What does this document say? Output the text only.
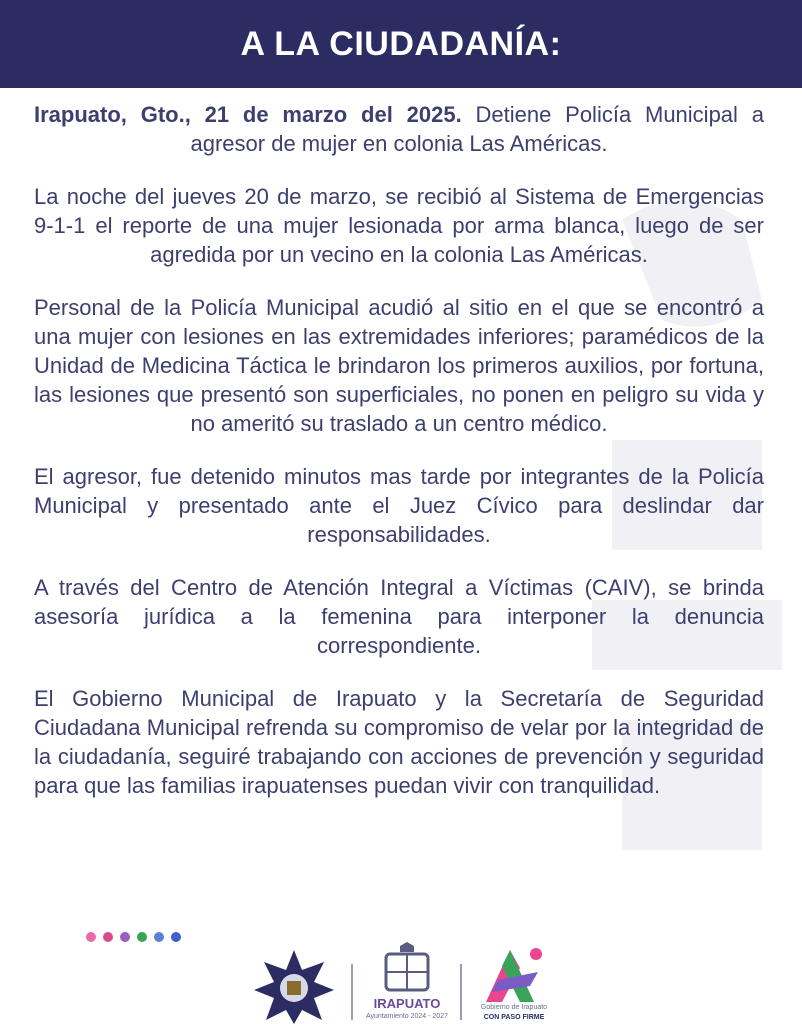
A LA CIUDADANÍA:

Irapuato, Gto., 21 de marzo del 2025. Detiene Policía Municipal a agresor de mujer en colonia Las Américas.

La noche del jueves 20 de marzo, se recibió al Sistema de Emergencias 9-1-1 el reporte de una mujer lesionada por arma blanca, luego de ser agredida por un vecino en la colonia Las Américas.

Personal de la Policía Municipal acudió al sitio en el que se encontró a una mujer con lesiones en las extremidades inferiores; paramédicos de la Unidad de Medicina Táctica le brindaron los primeros auxilios, por fortuna, las lesiones que presentó son superficiales, no ponen en peligro su vida y no ameritó su traslado a un centro médico.

El agresor, fue detenido minutos mas tarde por integrantes de la Policía Municipal y presentado ante el Juez Cívico para deslindar dar responsabilidades.

A través del Centro de Atención Integral a Víctimas (CAIV), se brinda asesoría jurídica a la femenina para interponer la denuncia correspondiente.

El Gobierno Municipal de Irapuato y la Secretaría de Seguridad Ciudadana Municipal refrenda su compromiso de velar por la integridad de la ciudadanía, seguiré trabajando con acciones de prevención y seguridad para que las familias irapuatenses puedan vivir con tranquilidad.

IRAPUATO
Ayuntamiento 2024 - 2027
Gobierno de Irapuato
CON PASO FIRME
